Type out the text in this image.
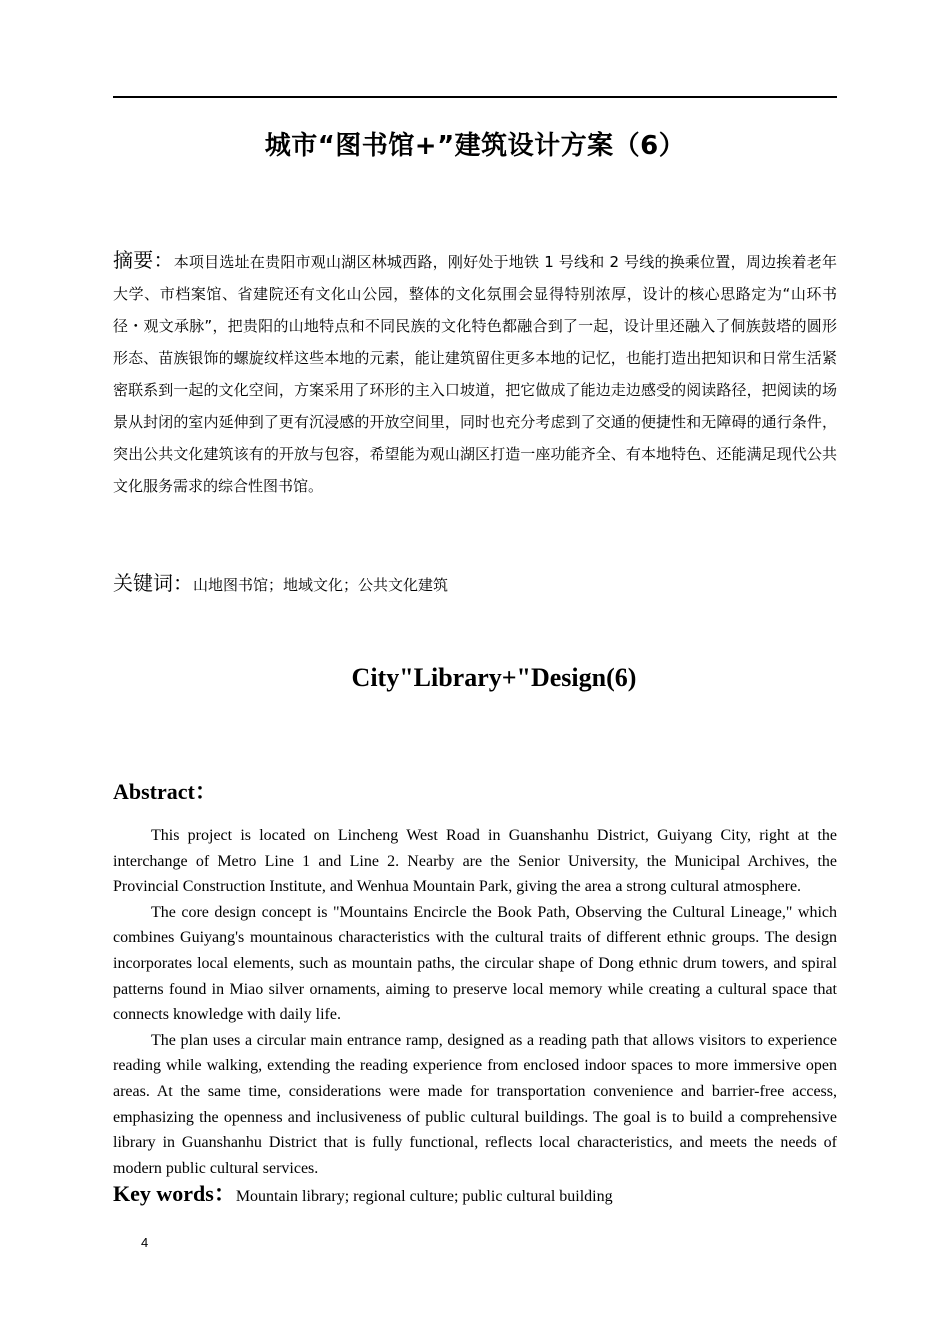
城市“图书馆+”建筑设计方案（6）
摘要：本项目选址在贵阳市观山湖区林城西路，刚好处于地铁 1 号线和 2 号线的换乘位置，周边挨着老年大学、市档案馆、省建院还有文化山公园，整体的文化氛围会显得特别浓厚，设计的核心思路定为“山环书径・观文承脉”，把贵阳的山地特点和不同民族的文化特色都融合到了一起，设计里还融入了侗族鼓塔的圆形形态、苗族银饰的螺旋纹样这些本地的元素，能让建筑留住更多本地的记忆，也能打造出把知识和日常生活紧密联系到一起的文化空间，方案采用了环形的主入口坡道，把它做成了能边走边感受的阅读路径，把阅读的场景从封闭的室内延伸到了更有沉浸感的开放空间里，同时也充分考虑到了交通的便捷性和无障碍的通行条件，突出公共文化建筑该有的开放与包容，希望能为观山湖区打造一座功能齐全、有本地特色、还能满足现代公共文化服务需求的综合性图书馆。
关键词：山地图书馆；地域文化；公共文化建筑
City"Library+"Design(6)
Abstract：

This project is located on Lincheng West Road in Guanshanhu District, Guiyang City, right at the interchange of Metro Line 1 and Line 2. Nearby are the Senior University, the Municipal Archives, the Provincial Construction Institute, and Wenhua Mountain Park, giving the area a strong cultural atmosphere.

The core design concept is "Mountains Encircle the Book Path, Observing the Cultural Lineage," which combines Guiyang's mountainous characteristics with the cultural traits of different ethnic groups. The design incorporates local elements, such as mountain paths, the circular shape of Dong ethnic drum towers, and spiral patterns found in Miao silver ornaments, aiming to preserve local memory while creating a cultural space that connects knowledge with daily life.

The plan uses a circular main entrance ramp, designed as a reading path that allows visitors to experience reading while walking, extending the reading experience from enclosed indoor spaces to more immersive open areas. At the same time, considerations were made for transportation convenience and barrier-free access, emphasizing the openness and inclusiveness of public cultural buildings. The goal is to build a comprehensive library in Guanshanhu District that is fully functional, reflects local characteristics, and meets the needs of modern public cultural services.

Key words：Mountain library; regional culture; public cultural building
4
